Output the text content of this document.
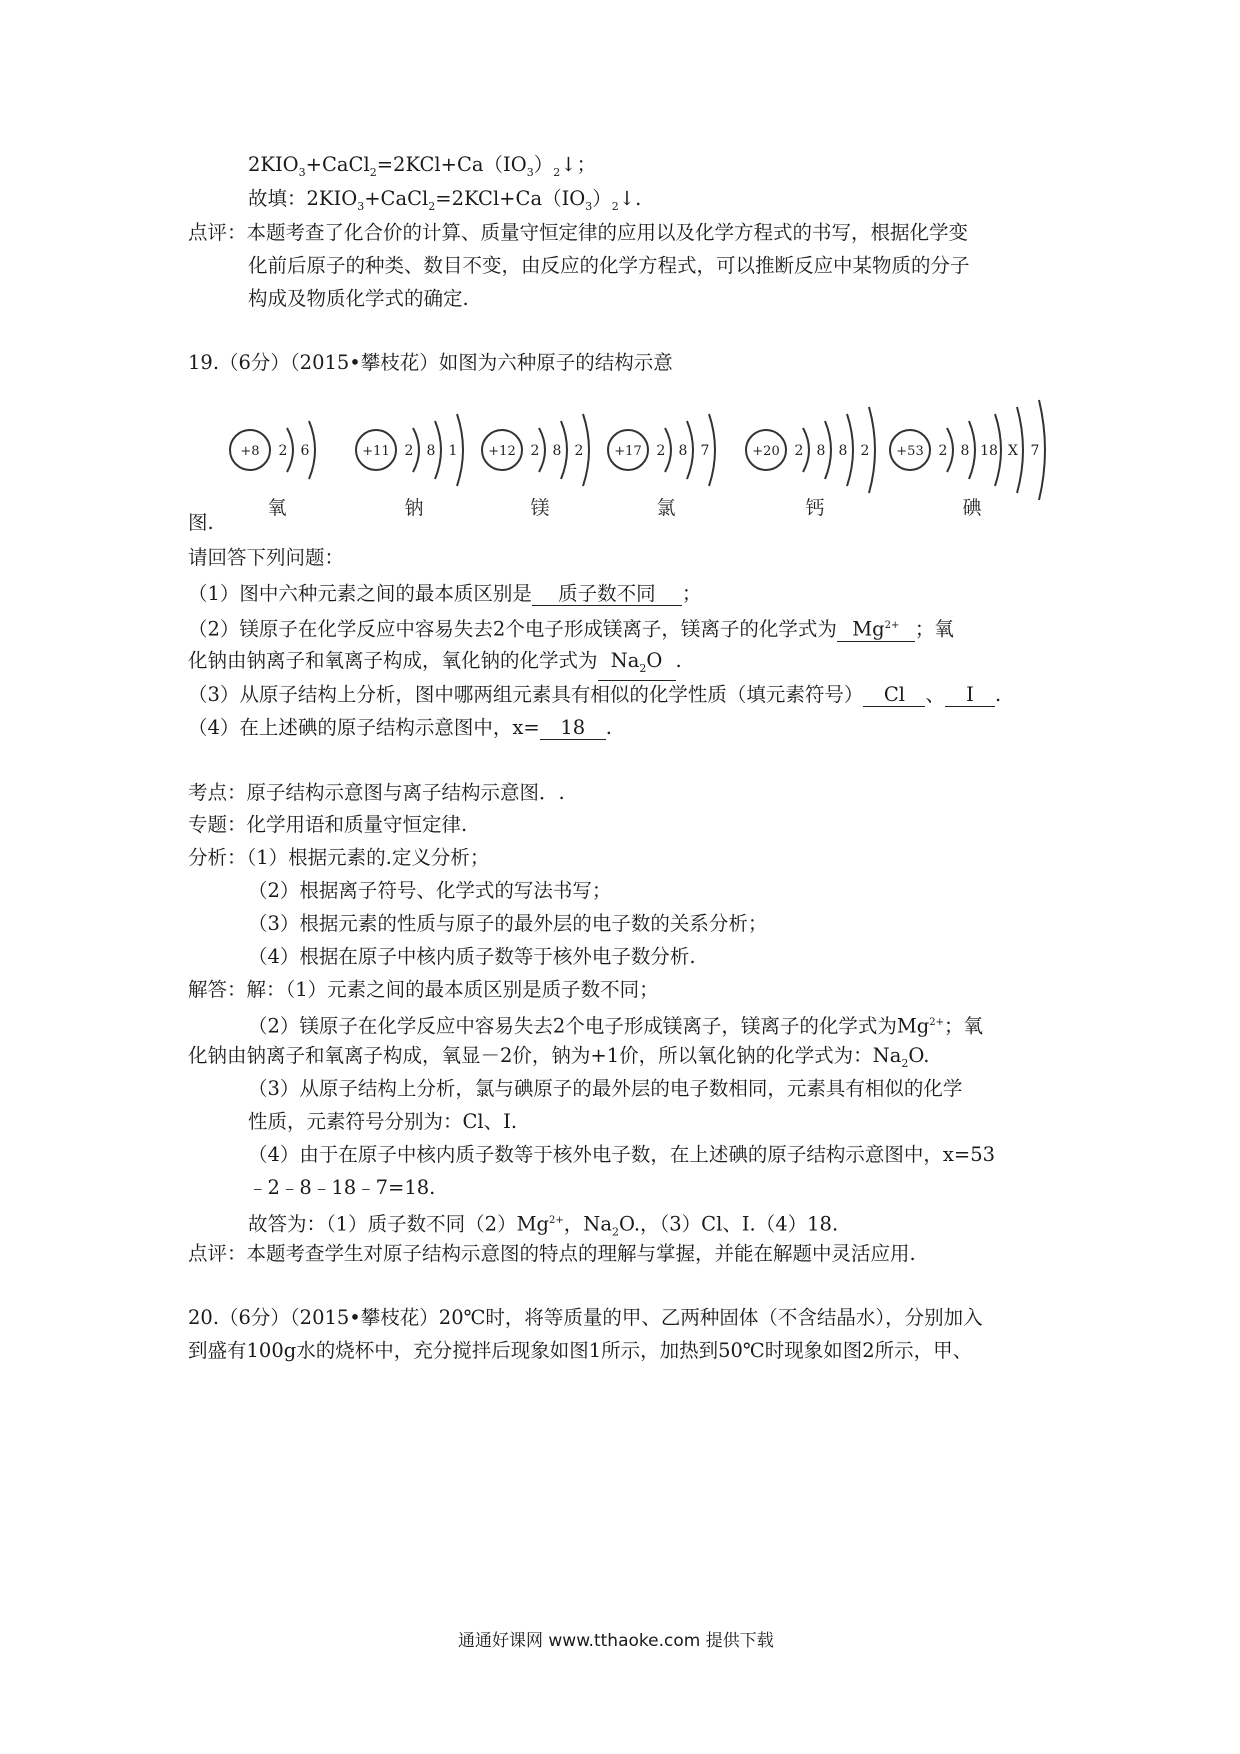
$2KIO_3+CaCl_2=2KCl+Ca(IO_3)_2↓$；
故填：$2KIO_3+CaCl_2=2KCl+Ca(IO_3)_2↓$.
点评：本题考查了化合价的计算、质量守恒定律的应用以及化学方程式的书写，根据化学变
化前后原子的种类、数目不变，由反应的化学方程式，可以推断反应中某物质的分子
构成及物质化学式的确定.
19.（6分）（2015•攀枝花）如图为六种原子的结构示意
+8 2 6
氧
+11 2 8 1
钠
+12 2 8 2
镁
+17 2 8 7
氯
+20 2 8 8 2
钙
+53 2 8 18 X 7
碘
图.
请回答下列问题：
（1）图中六种元素之间的最本质区别是 质子数不同 ；
（2）镁原子在化学反应中容易失去2个电子形成镁离子，镁离子的化学式为 $Mg^{2+}$ ；氧
化钠由钠离子和氧离子构成，氧化钠的化学式为 $Na_2O$ .
（3）从原子结构上分析，图中哪两组元素具有相似的化学性质（填元素符号） Cl 、 I .
（4）在上述碘的原子结构示意图中，x= 18 .
考点：原子结构示意图与离子结构示意图．.
专题：化学用语和质量守恒定律.
分析：（1）根据元素的.定义分析；
（2）根据离子符号、化学式的写法书写；
（3）根据元素的性质与原子的最外层的电子数的关系分析；
（4）根据在原子中核内质子数等于核外电子数分析.
解答：解：（1）元素之间的最本质区别是质子数不同；
（2）镁原子在化学反应中容易失去2个电子形成镁离子，镁离子的化学式为$Mg^{2+}$；氧
化钠由钠离子和氧离子构成，氧显－2价，钠为+1价，所以氧化钠的化学式为：$Na_2O$.
（3）从原子结构上分析，氯与碘原子的最外层的电子数相同，元素具有相似的化学
性质，元素符号分别为：Cl、I.
（4）由于在原子中核内质子数等于核外电子数，在上述碘的原子结构示意图中，x=53
﹣2﹣8﹣18﹣7=18.
故答为：（1）质子数不同$(2)Mg^{2+}$，$Na_2O$.，（3）Cl、I.（4）18.
点评：本题考查学生对原子结构示意图的特点的理解与掌握，并能在解题中灵活应用.
20.（6分）（2015•攀枝花）20℃时，将等质量的甲、乙两种固体（不含结晶水），分别加入
到盛有100g水的烧杯中，充分搅拌后现象如图1所示，加热到50℃时现象如图2所示，甲、
通通好课网 www.tthaoke.com 提供下载
